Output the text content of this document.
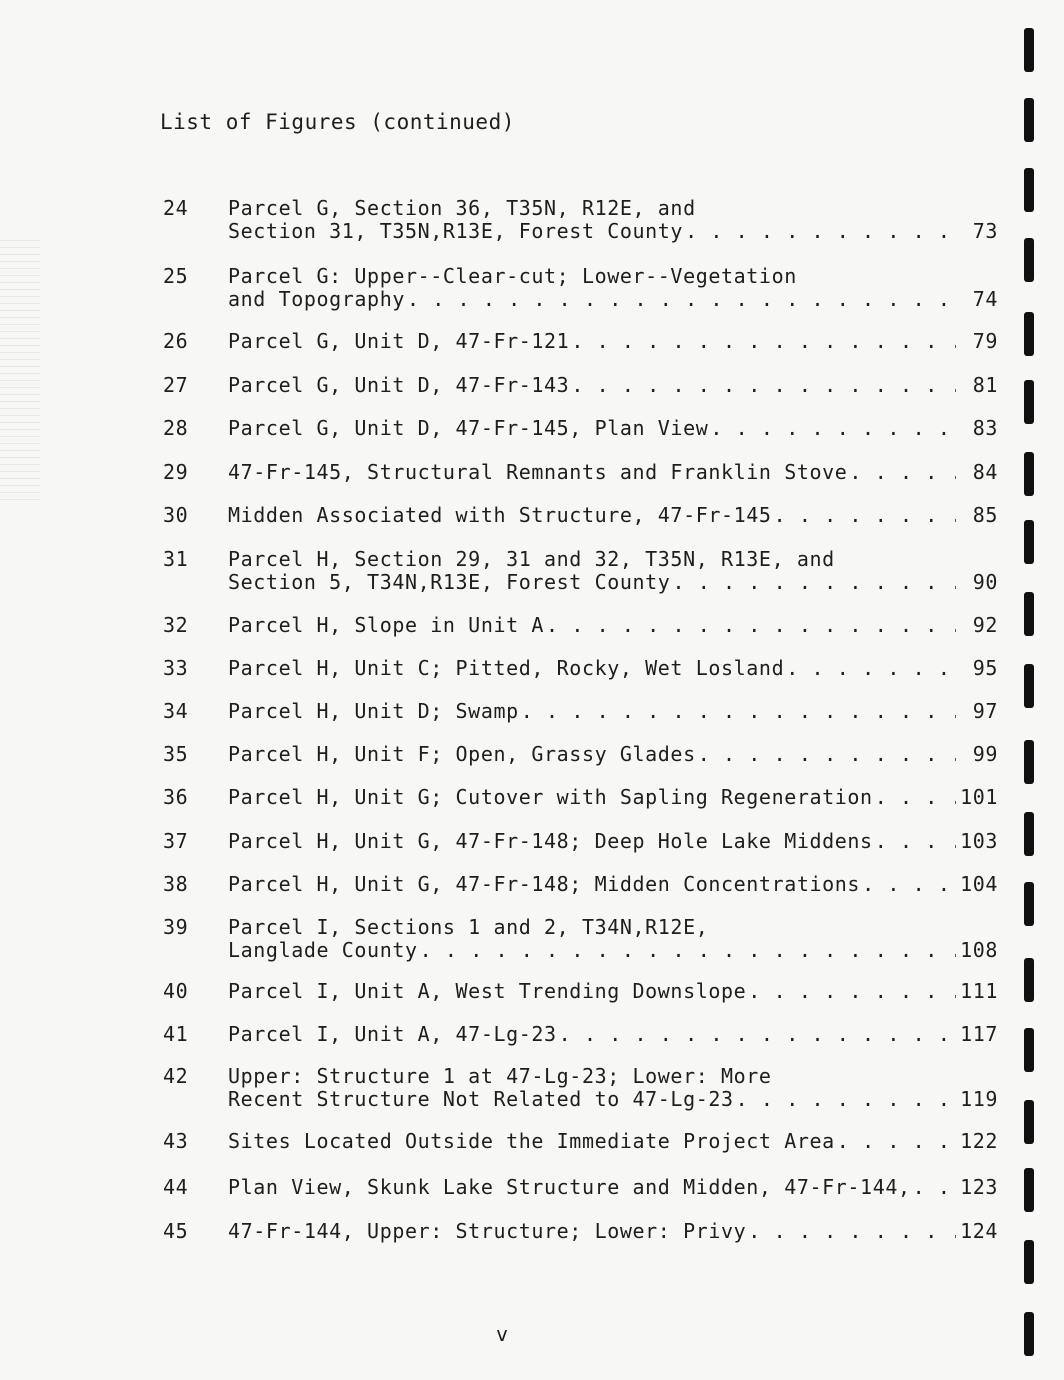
List of Figures (continued)
24	Parcel G, Section 36, T35N, R12E, and
Section 31, T35N,R13E, Forest County . . .	73
25	Parcel G: Upper--Clear-cut; Lower--Vegetation
and Topography . . .	74
26	Parcel G, Unit D, 47-Fr-121 . . .	79
27	Parcel G, Unit D, 47-Fr-143 . . .	81
28	Parcel G, Unit D, 47-Fr-145, Plan View . . .	83
29	47-Fr-145, Structural Remnants and Franklin Stove . . .	84
30	Midden Associated with Structure, 47-Fr-145 . . .	85
31	Parcel H, Section 29, 31 and 32, T35N, R13E, and
Section 5, T34N,R13E, Forest County . . .	90
32	Parcel H, Slope in Unit A . . .	92
33	Parcel H, Unit C; Pitted, Rocky, Wet Losland . . .	95
34	Parcel H, Unit D; Swamp . . .	97
35	Parcel H, Unit F; Open, Grassy Glades . . .	99
36	Parcel H, Unit G; Cutover with Sapling Regeneration . . .	101
37	Parcel H, Unit G, 47-Fr-148; Deep Hole Lake Middens . . .	103
38	Parcel H, Unit G, 47-Fr-148; Midden Concentrations . . .	104
39	Parcel I, Sections 1 and 2, T34N,R12E,
Langlade County . . .	108
40	Parcel I, Unit A, West Trending Downslope . . .	111
41	Parcel I, Unit A, 47-Lg-23 . . .	117
42	Upper: Structure 1 at 47-Lg-23; Lower: More
Recent Structure Not Related to 47-Lg-23 . . .	119
43	Sites Located Outside the Immediate Project Area . . .	122
44	Plan View, Skunk Lake Structure and Midden, 47-Fr-144, . . . 123
45	47-Fr-144, Upper: Structure; Lower: Privy . . .	124
v
